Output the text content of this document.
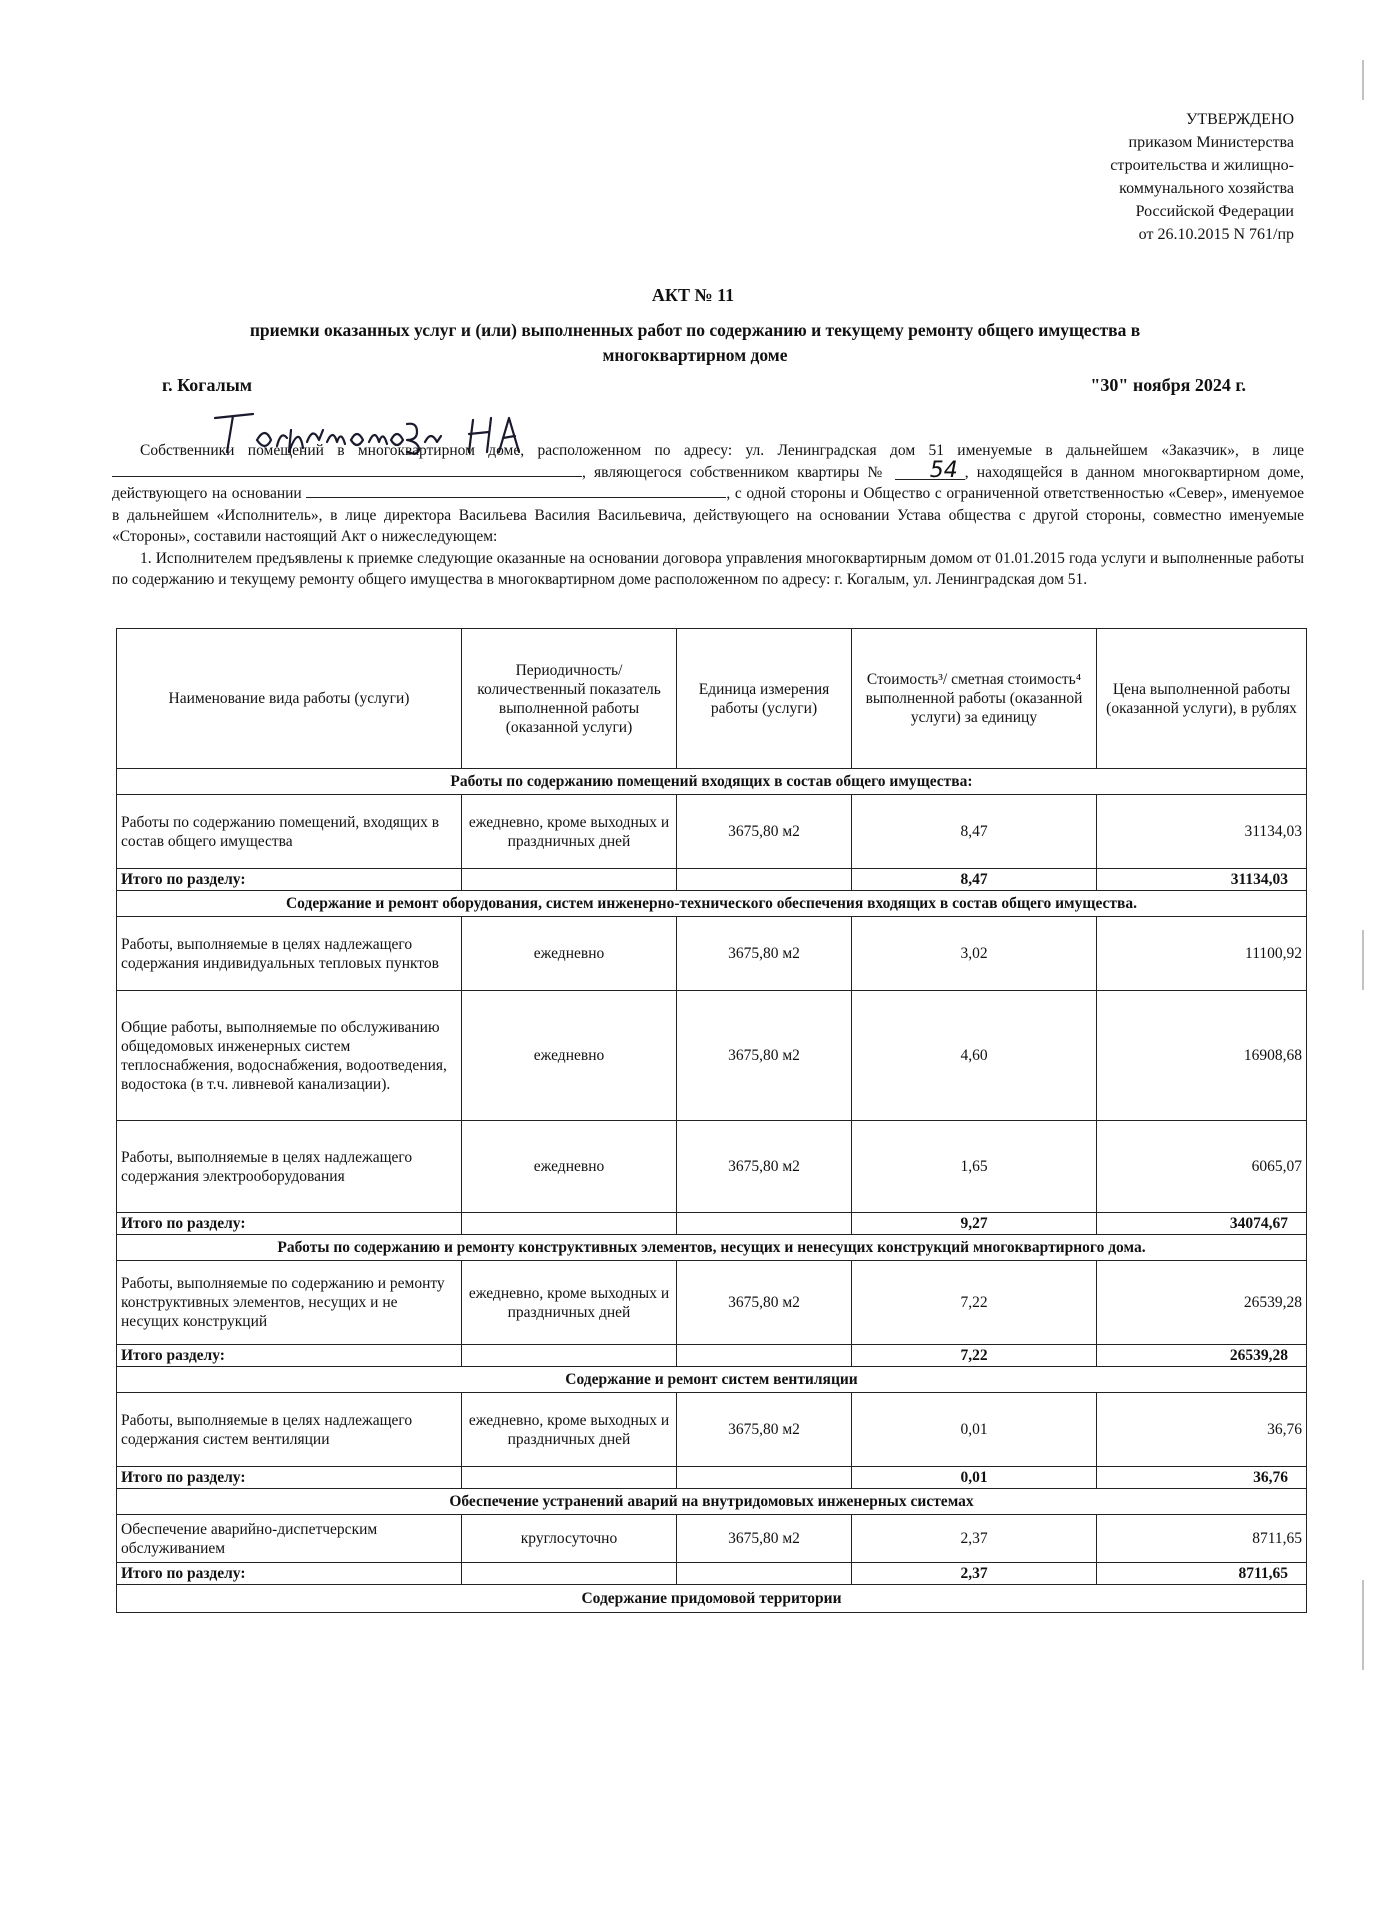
УТВЕРЖДЕНО
приказом Министерства
строительства и жилищно-
коммунального хозяйства
Российской Федерации
от 26.10.2015 N 761/пр
АКТ № 11
приемки оказанных услуг и (или) выполненных работ по содержанию и текущему ремонту общего имущества в многоквартирном доме
г. Когалым	"30" ноября 2024 г.

Собственники помещений в многоквартирном доме, расположенном по адресу: ул. Ленинградская дом 51 именуемые в дальнейшем «Заказчик», в лице , являющегося собственником квартиры № 54 , находящейся в данном многоквартирном доме, действующего на основании	, с одной стороны и Общество с ограниченной ответственностью «Север», именуемое в дальнейшем «Исполнитель», в лице директора Васильева Василия Васильевича, действующего на основании Устава общества с другой стороны, совместно именуемые «Стороны», составили настоящий Акт о нижеследующем:

1. Исполнителем предъявлены к приемке следующие оказанные на основании договора управления многоквартирным домом от 01.01.2015 года услуги и выполненные работы по содержанию и текущему ремонту общего имущества в многоквартирном доме расположенном по адресу: г. Когалым, ул. Ленинградская дом 51.

Наименование вида работы (услуги)	Периодичность/ количественный показатель выполненной работы (оказанной услуги)	Единица измерения работы (услуги)	Стоимость³/ сметная стоимость⁴ выполненной работы (оказанной услуги) за единицу	Цена выполненной работы (оказанной услуги), в рублях
Работы по содержанию помещений входящих в состав общего имущества:				
Работы по содержанию помещений, входящих в состав общего имущества	ежедневно, кроме выходных и праздничных дней	3675,80 м2	8,47	31134,03
Итого по разделу:			8,47	31134,03
Содержание и ремонт оборудования, систем инженерно-технического обеспечения входящих в состав общего имущества.				
Работы, выполняемые в целях надлежащего содержания индивидуальных тепловых пунктов	ежедневно	3675,80 м2	3,02	11100,92
Общие работы, выполняемые по обслуживанию общедомовых инженерных систем теплоснабжения, водоснабжения, водоотведения, водостока (в т.ч. ливневой канализации).	ежедневно	3675,80 м2	4,60	16908,68
Работы, выполняемые в целях надлежащего содержания электрооборудования	ежедневно	3675,80 м2	1,65	6065,07
Итого по разделу:			9,27	34074,67
Работы по содержанию и ремонту конструктивных элементов, несущих и ненесущих конструкций многоквартирного дома.				
Работы, выполняемые по содержанию и ремонту конструктивных элементов, несущих и не несущих конструкций	ежедневно, кроме выходных и праздничных дней	3675,80 м2	7,22	26539,28
Итого разделу:			7,22	26539,28
Содержание и ремонт систем вентиляции				
Работы, выполняемые в целях надлежащего содержания систем вентиляции	ежедневно, кроме выходных и праздничных дней	3675,80 м2	0,01	36,76
Итого по разделу:			0,01	36,76
Обеспечение устранений аварий на внутридомовых инженерных системах				
Обеспечение аварийно-диспетчерским обслуживанием	круглосуточно	3675,80 м2	2,37	8711,65
Итого по разделу:			2,37	8711,65
Содержание придомовой территории				
